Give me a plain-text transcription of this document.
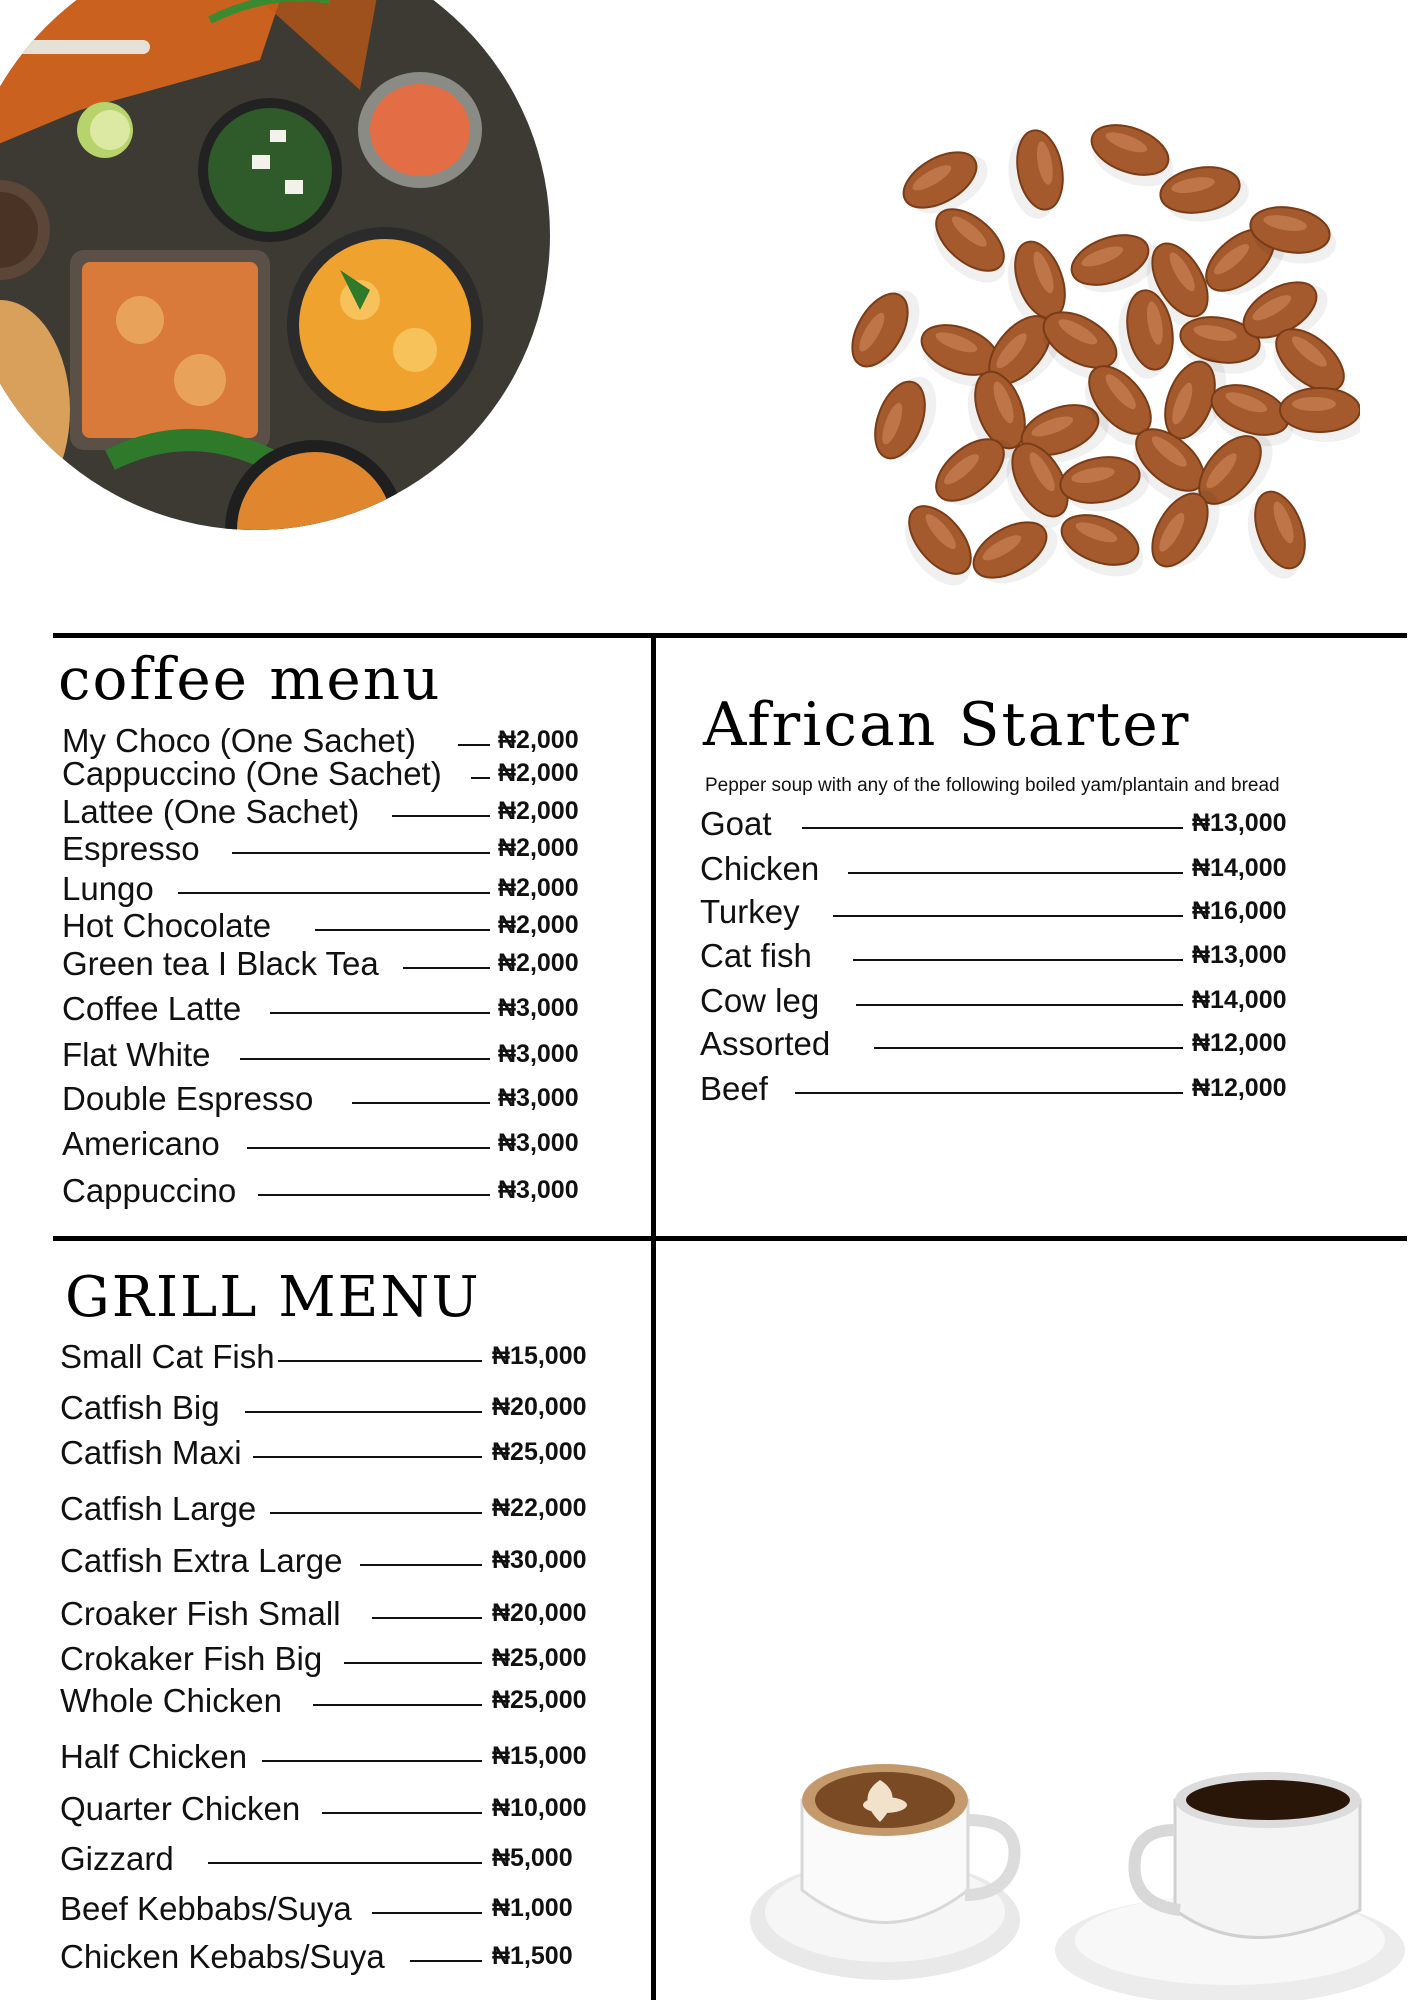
coffee menu
My Choco (One Sachet)	₦2,000
Cappuccino (One Sachet) ₦2,000
Lattee (One Sachet)	₦2,000
Espresso	₦2,000
Lungo	₦2,000
Hot Chocolate	₦2,000
Green tea I Black Tea	₦2,000
Coffee Latte	₦3,000
Flat White	₦3,000
Double Espresso	₦3,000
Americano	₦3,000
Cappuccino	₦3,000
African Starter
Pepper soup with any of the following boiled yam/plantain and bread
Goat	₦13,000
Chicken	₦14,000
Turkey	₦16,000
Cat fish	₦13,000
Cow leg	₦14,000
Assorted	₦12,000
Beef	₦12,000
GRILL MENU
Small Cat Fish	₦15,000
Catfish Big	₦20,000
Catfish Maxi	₦25,000
Catfish Large	₦22,000
Catfish Extra Large	₦30,000
Croaker Fish Small	₦20,000
Crokaker Fish Big	₦25,000
Whole Chicken	₦25,000
Half Chicken	₦15,000
Quarter Chicken	₦10,000
Gizzard	₦5,000
Beef Kebbabs/Suya	₦1,000
Chicken Kebabs/Suya	₦1,500
